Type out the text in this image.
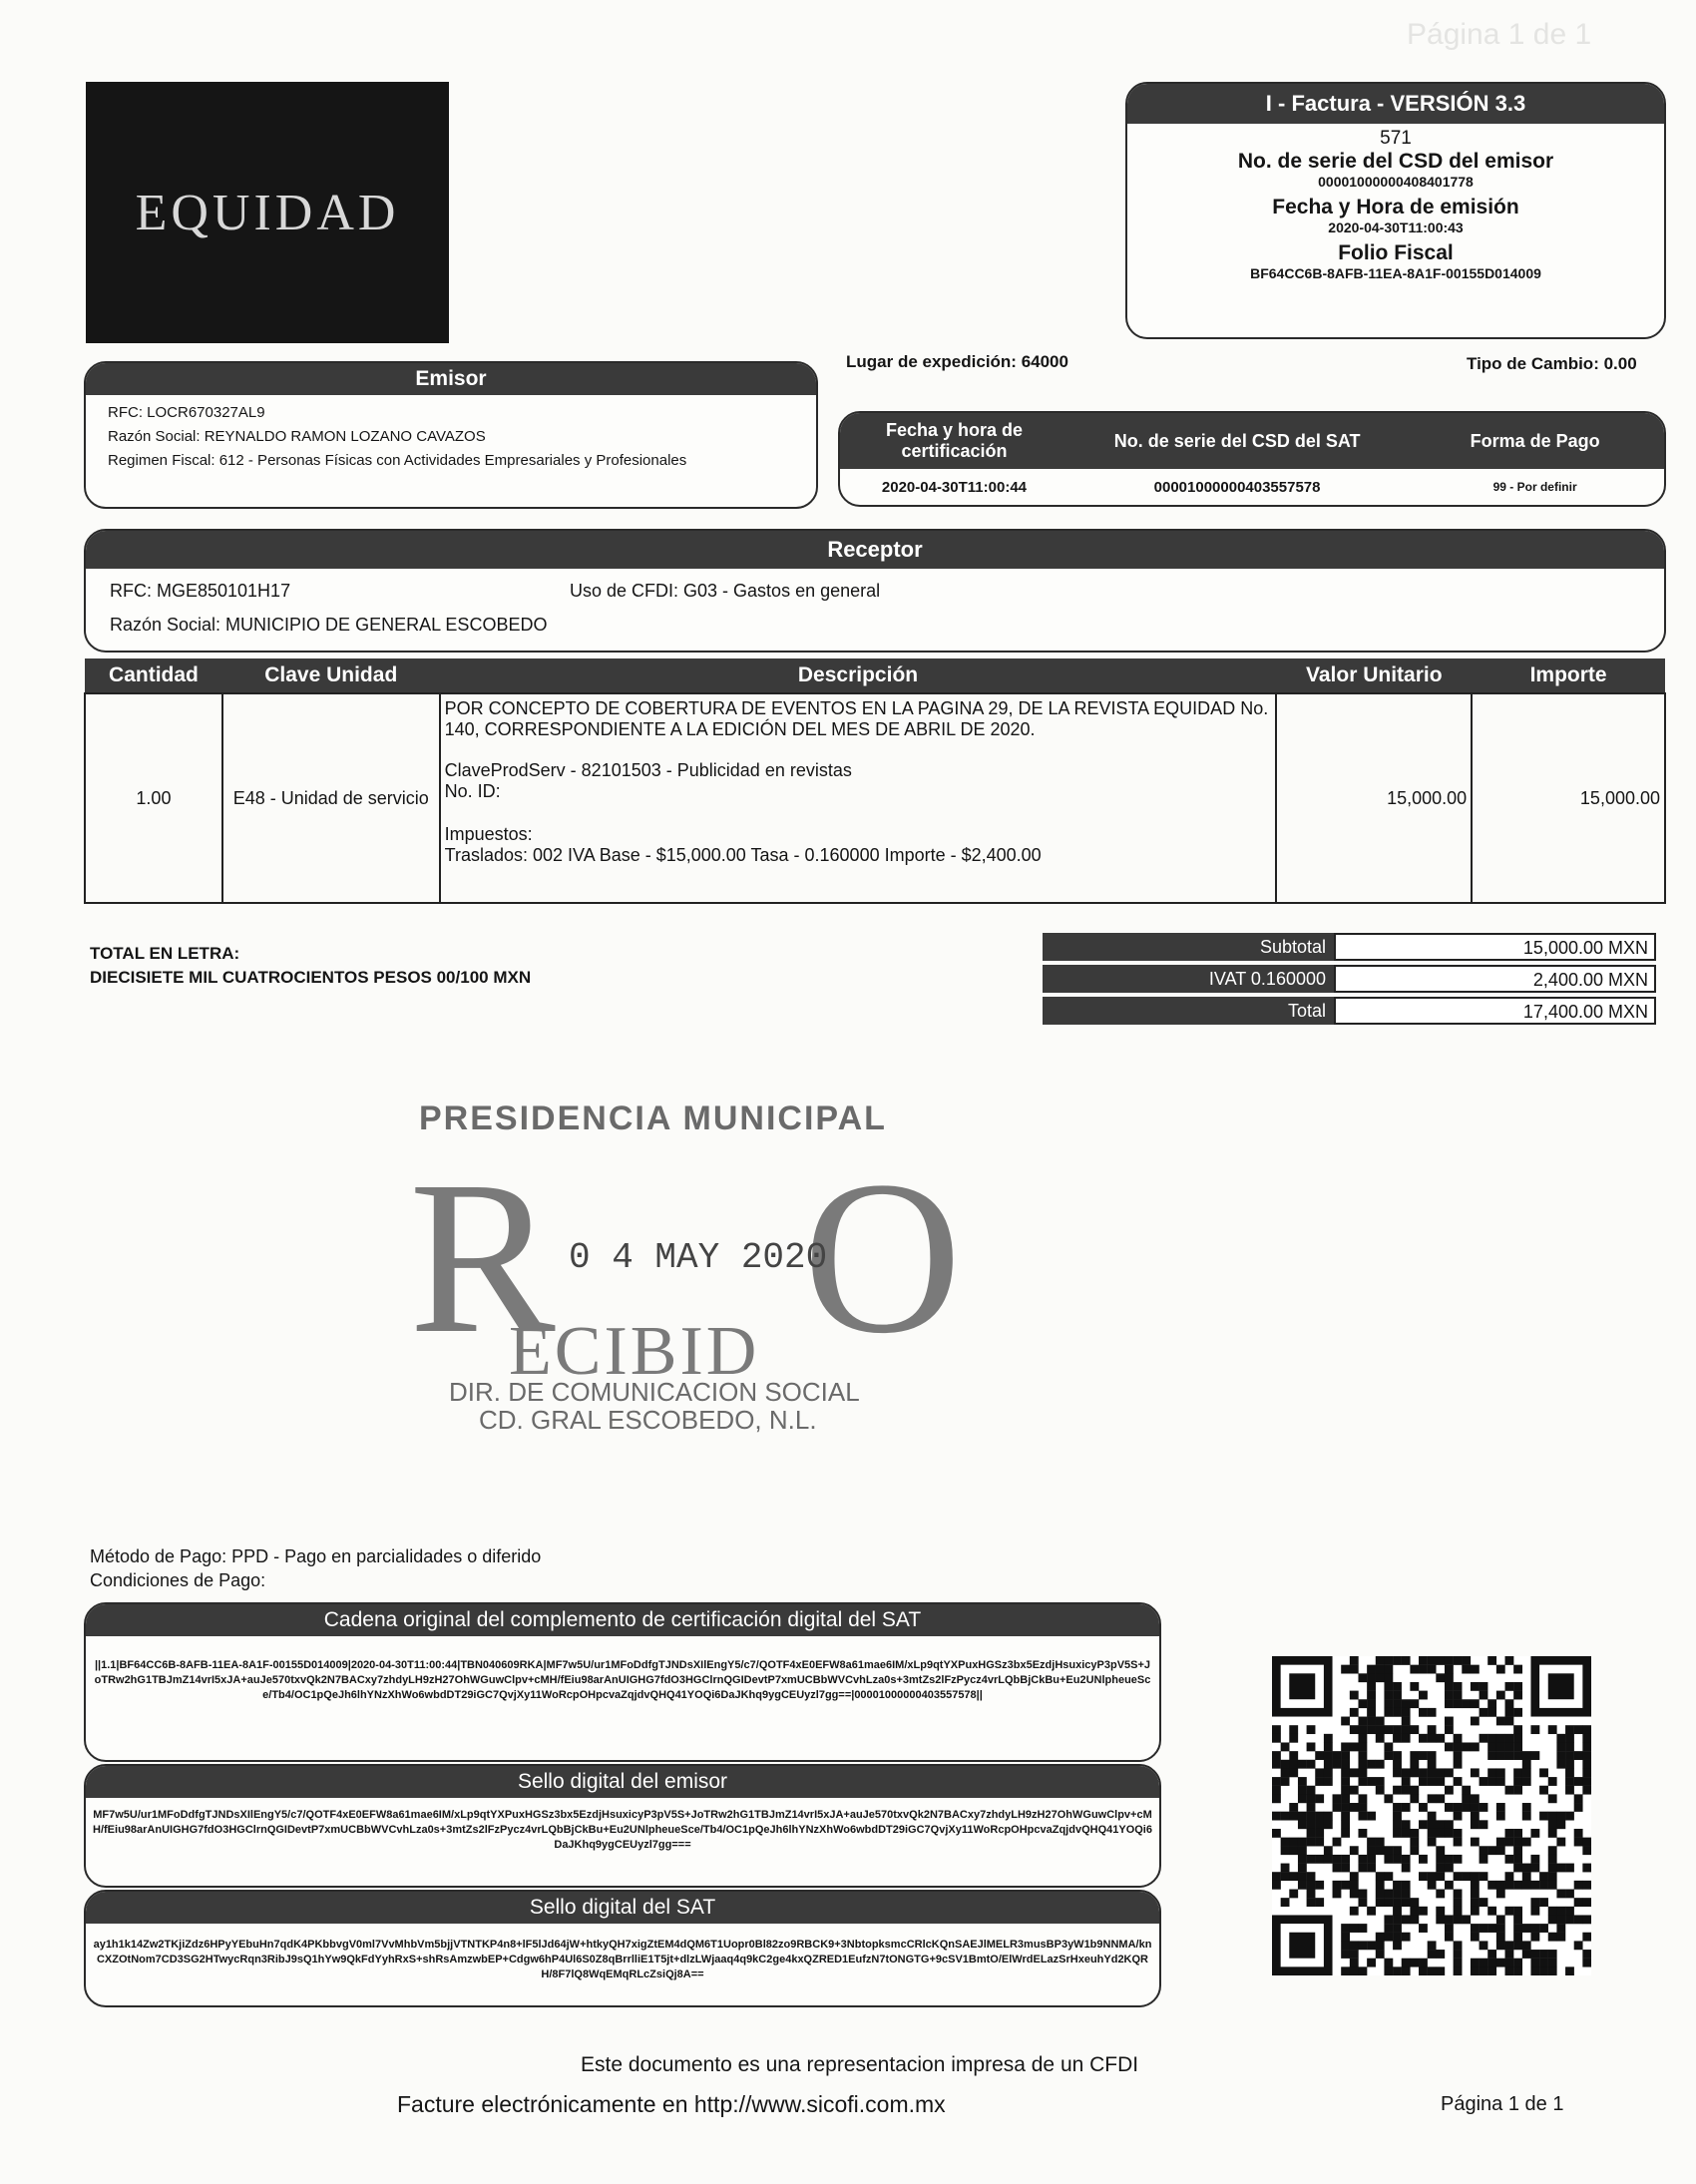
Página 1 de 1
EQUIDAD
I - Factura - VERSIÓN 3.3
571
No. de serie del CSD del emisor
00001000000408401778
Fecha y Hora de emisión
2020-04-30T11:00:43
Folio Fiscal
BF64CC6B-8AFB-11EA-8A1F-00155D014009
Lugar de expedición: 64000	Tipo de Cambio: 0.00
Emisor
RFC: LOCR670327AL9
Razón Social: REYNALDO RAMON LOZANO CAVAZOS
Regimen Fiscal: 612 - Personas Físicas con Actividades Empresariales y Profesionales
Fecha y hora de certificación
No. de serie del CSD del SAT	Forma de Pago
2020-04-30T11:00:44	00001000000403557578	99 - Por definir
Receptor
RFC: MGE850101H17	Uso de CFDI: G03 - Gastos en general
Razón Social: MUNICIPIO DE GENERAL ESCOBEDO
Cantidad	Clave Unidad	Descripción	Valor Unitario	Importe
1.00	E48 - Unidad de servicio	POR CONCEPTO DE COBERTURA DE EVENTOS EN LA PAGINA 29, DE LA REVISTA EQUIDAD No. 140, CORRESPONDIENTE A LA EDICIÓN DEL MES DE ABRIL DE 2020.
ClaveProdServ - 82101503 - Publicidad en revistas
No. ID:
Impuestos:
Traslados: 002 IVA Base - $15,000.00 Tasa - 0.160000 Importe - $2,400.00	15,000.00	15,000.00
TOTAL EN LETRA:
DIECISIETE MIL CUATROCIENTOS PESOS 00/100 MXN
Subtotal	15,000.00 MXN
IVAT 0.160000	2,400.00 MXN
Total	17,400.00 MXN
PRESIDENCIA MUNICIPAL
R O
0 4 MAY 2020
ECIBID
DIR. DE COMUNICACION SOCIAL
CD. GRAL ESCOBEDO, N.L.
Método de Pago: PPD - Pago en parcialidades o diferido
Condiciones de Pago:
Cadena original del complemento de certificación digital del SAT
||1.1|BF64CC6B-8AFB-11EA-8A1F-00155D014009|2020-04-30T11:00:44|TBN040609RKA|MF7w5U/ur1MFoDdfgTJNDsXIlEngY5/c7/QOTF4xE0EFW8a61mae6IM/xLp9qtYXPuxHGSz3bx5EzdjHsuxicyP3pV5S+JoTRw2hG1TBJmZ14vrI5xJA+auJe570txvQk2N7BACxy7zhdyLH9zH27OhWGuwClpv+cMH/fEiu98arAnUIGHG7fdO3HGClrnQGIDevtP7xmUCBbWVCvhLza0s+3mtZs2lFzPycz4vrLQbBjCkBu+Eu2UNlpheueSce/Tb4/OC1pQeJh6lhYNzXhWo6wbdDT29iGC7QvjXy11WoRcpOHpcvaZqjdvQHQ41YOQi6DaJKhq9ygCEUyzl7gg==|00001000000403557578||
Sello digital del emisor
MF7w5U/ur1MFoDdfgTJNDsXIlEngY5/c7/QOTF4xE0EFW8a61mae6IM/xLp9qtYXPuxHGSz3bx5EzdjHsuxicyP3pV5S+JoTRw2hG1TBJmZ14vrI5xJA+auJe570txvQk2N7BACxy7zhdyLH9zH27OhWGuwClpv+cMH/fEiu98arAnUIGHG7fdO3HGClrnQGIDevtP7xmUCBbWVCvhLza0s+3mtZs2lFzPycz4vrLQbBjCkBu+Eu2UNlpheueSce/Tb4/OC1pQeJh6lhYNzXhWo6wbdDT29iGC7QvjXy11WoRcpOHpcvaZqjdvQHQ41YOQi6DaJKhq9ygCEUyzl7gg===
Sello digital del SAT
ay1h1k14Zw2TKjiZdz6HPyYEbuHn7qdK4PKbbvgV0ml7VvMhbVm5bjjVTNTKP4n8+lF5lJd64jW+htkyQH7xigZtEM4dQM6T1Uopr0Bl82zo9RBCK9+3NbtopksmcCRlcKQnSAEJlMELR3musBP3yW1b9NNMA/knCXZOtNom7CD3SG2HTwycRqn3RibJ9sQ1hYw9QkFdYyhRxS+shRsAmzwbEP+Cdgw6hP4Ul6S0Z8qBrrlliE1T5jt+dlzLWjaaq4q9kC2ge4kxQZRED1EufzN7tONGTG+9cSV1BmtO/ElWrdELazSrHxeuhYd2KQRH/8F7lQ8WqEMqRLcZsiQj8A==
Este documento es una representacion impresa de un CFDI
Facture electrónicamente en http://www.sicofi.com.mx	Página 1 de 1
